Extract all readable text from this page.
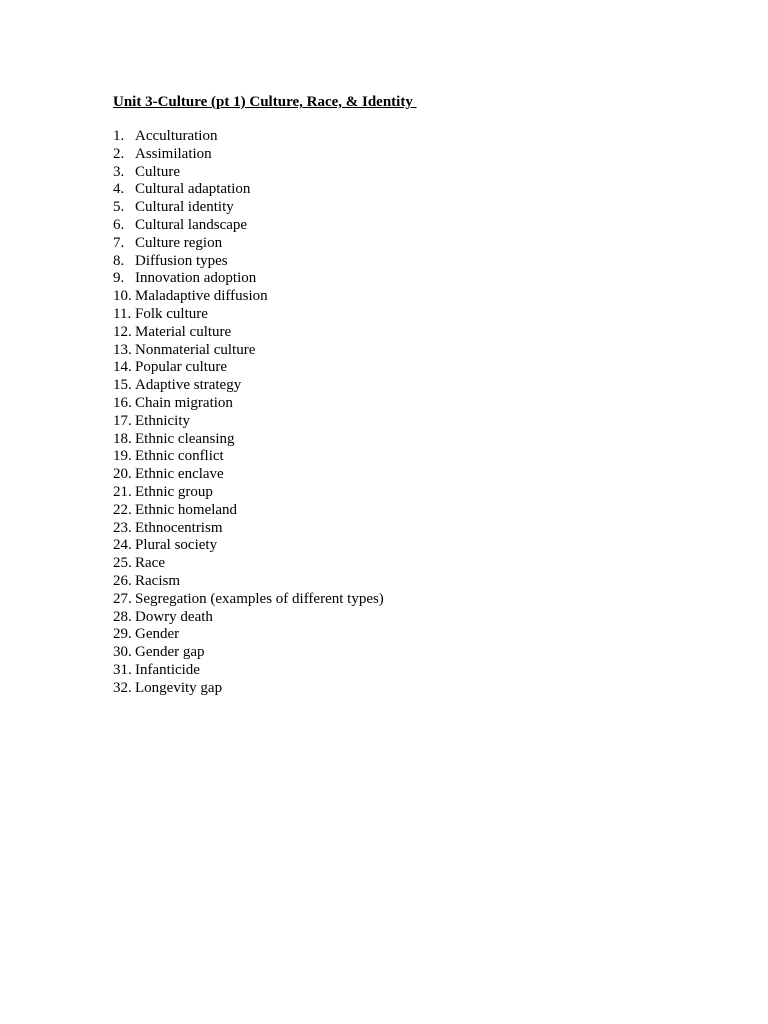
Unit 3-Culture (pt 1) Culture, Race, & Identity
1. Acculturation
2. Assimilation
3. Culture
4. Cultural adaptation
5. Cultural identity
6. Cultural landscape
7. Culture region
8. Diffusion types
9. Innovation adoption
10. Maladaptive diffusion
11. Folk culture
12. Material culture
13. Nonmaterial culture
14. Popular culture
15. Adaptive strategy
16. Chain migration
17. Ethnicity
18. Ethnic cleansing
19. Ethnic conflict
20. Ethnic enclave
21. Ethnic group
22. Ethnic homeland
23. Ethnocentrism
24. Plural society
25. Race
26. Racism
27. Segregation (examples of different types)
28. Dowry death
29. Gender
30. Gender gap
31. Infanticide
32. Longevity gap
